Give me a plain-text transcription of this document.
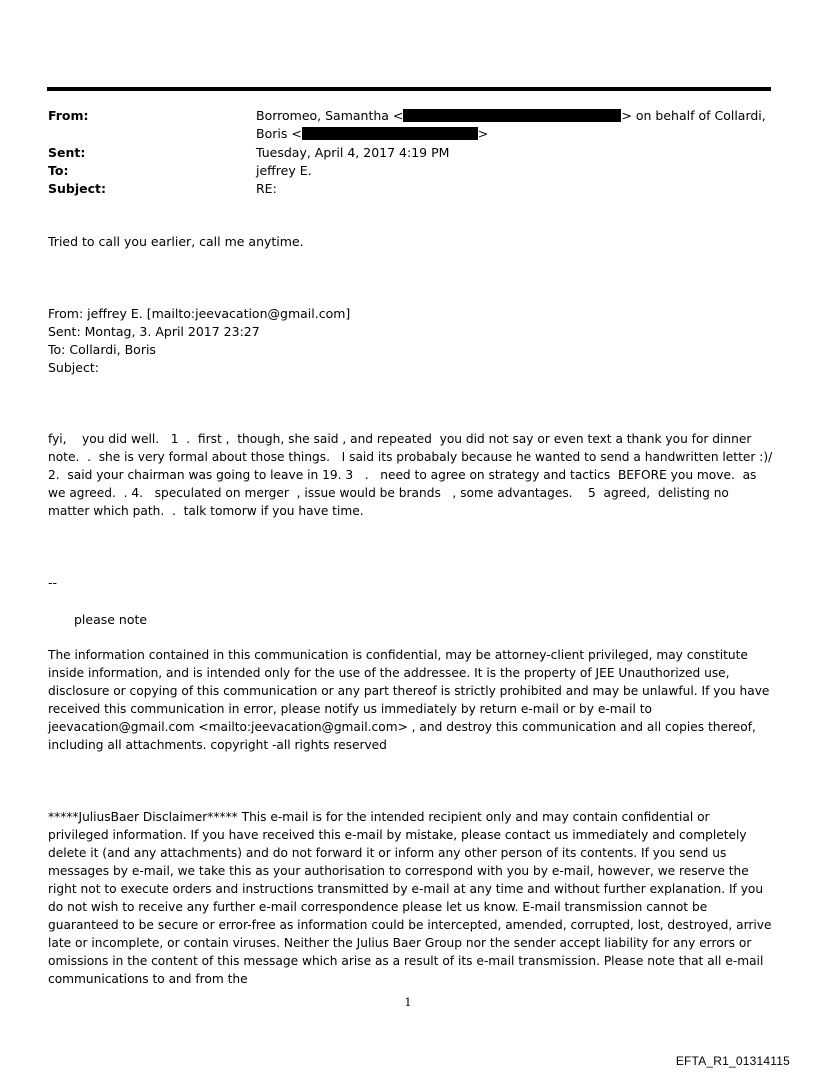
From:	Borromeo, Samantha <	> on behalf of Collardi,
Boris <	>
Sent:	Tuesday, April 4, 2017 4:19 PM
To:	jeffrey E.
Subject:	RE:
Tried to call you earlier, call me anytime.
From: jeffrey E. [mailto:jeevacation@gmail.com]
Sent: Montag, 3. April 2017 23:27
To: Collardi, Boris
Subject:
fyi,    you did well.   1  .  first ,  though, she said , and repeated  you did not say or even text a thank you for dinner note.  .  she is very formal about those things.   I said its probabaly because he wanted to send a handwritten letter :)/   2.  said your chairman was going to leave in 19. 3   .   need to agree on strategy and tactics  BEFORE you move.  as we agreed.  . 4.   speculated on merger  , issue would be brands   , some advantages.    5  agreed,  delisting no matter which path.  .  talk tomorw if you have time.
--
please note
The information contained in this communication is confidential, may be attorney-client privileged, may constitute inside information, and is intended only for the use of the addressee. It is the property of JEE Unauthorized use, disclosure or copying of this communication or any part thereof is strictly prohibited and may be unlawful. If you have received this communication in error, please notify us immediately by return e-mail or by e-mail to jeevacation@gmail.com <mailto:jeevacation@gmail.com> , and destroy this communication and all copies thereof, including all attachments. copyright -all rights reserved
*****JuliusBaer Disclaimer***** This e-mail is for the intended recipient only and may contain confidential or privileged information. If you have received this e-mail by mistake, please contact us immediately and completely delete it (and any attachments) and do not forward it or inform any other person of its contents. If you send us messages by e-mail, we take this as your authorisation to correspond with you by e-mail, however, we reserve the right not to execute orders and instructions transmitted by e-mail at any time and without further explanation. If you do not wish to receive any further e-mail correspondence please let us know. E-mail transmission cannot be guaranteed to be secure or error-free as information could be intercepted, amended, corrupted, lost, destroyed, arrive late or incomplete, or contain viruses. Neither the Julius Baer Group nor the sender accept liability for any errors or omissions in the content of this message which arise as a result of its e-mail transmission. Please note that all e-mail communications to and from the
1
EFTA_R1_01314115
